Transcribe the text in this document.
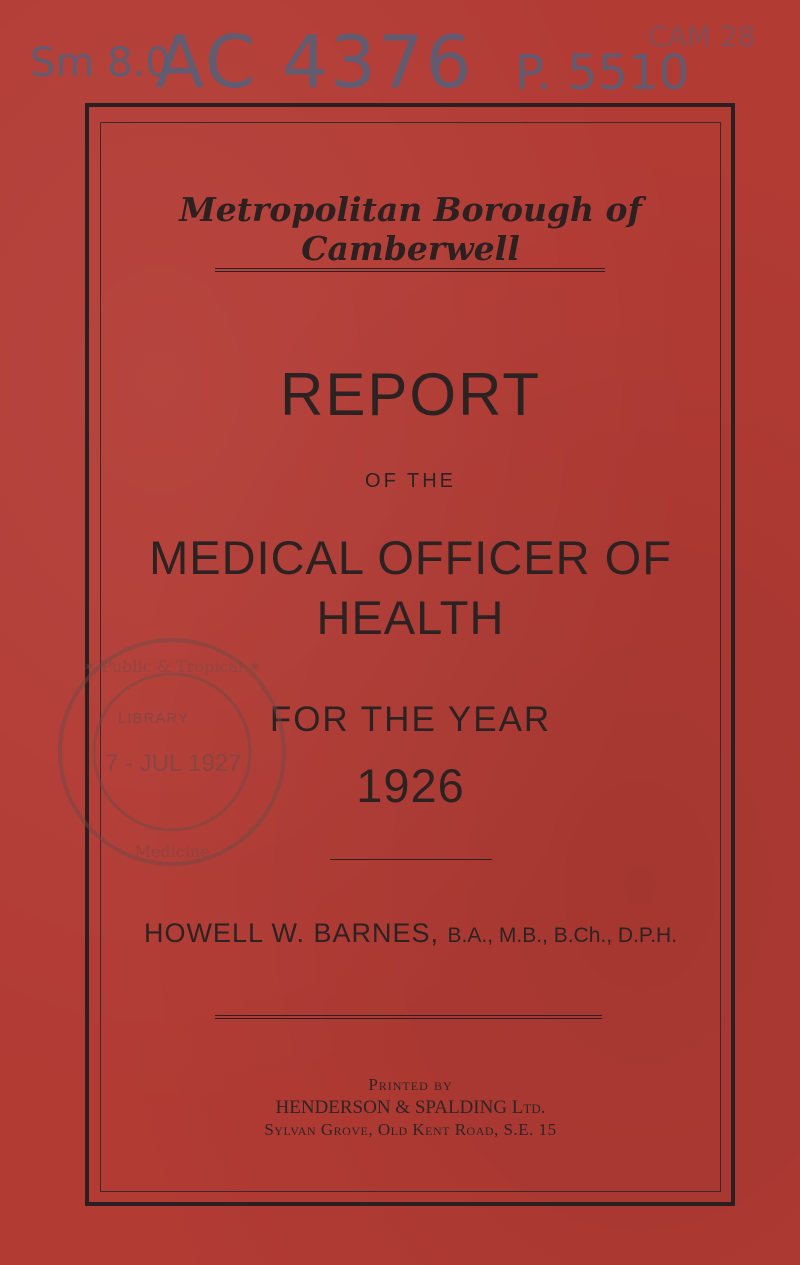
Sm 8.0
AC 4376 P. 5510
CAM 28
Metropolitan Borough of Camberwell
REPORT
OF THE
MEDICAL OFFICER OF
HEALTH
FOR THE YEAR
1926
HOWELL W. BARNES, B.A., M.B., B.Ch., D.P.H.
Printed by
HENDERSON & SPALDING Ltd.
Sylvan Grove, Old Kent Road, S.E. 15
✶ Public & Tropical ✶
Medicine
LIBRARY
7 - JUL 1927
